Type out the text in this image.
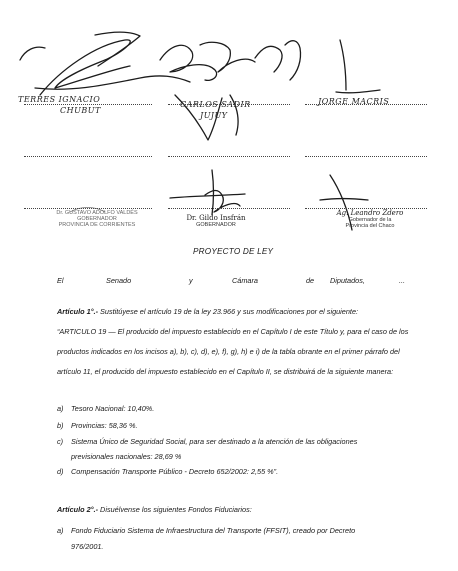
TERRES IGNACIO
CHUBUT
CARLOS SADIR
JUJUY
JORGE MACRIS
Dr. GUSTAVO ADOLFO VALDÉS
GOBERNADOR
PROVINCIA DE CORRIENTES
Dr. Gildo Insfrán
GOBERNADOR
Ag. Leandro Zdero
Gobernador de la
Provincia del Chaco
PROYECTO DE LEY
El	Senado	y	Cámara	de Diputados,	...
Artículo 1°.- Sustitúyese el artículo 19 de la ley 23.966 y sus modificaciones por el siguiente:
“ARTICULO 19 — El producido del impuesto establecido en el Capítulo I de este Título y, para el caso de los productos indicados en los incisos a), b), c), d), e), f), g), h) e i) de la tabla obrante en el primer párrafo del artículo 11, el producido del impuesto establecido en el Capítulo II, se distribuirá de la siguiente manera:
a) Tesoro Nacional: 10,40%.
b) Provincias: 58,36 %.
c) Sistema Único de Seguridad Social, para ser destinado a la atención de las obligaciones
previsionales nacionales: 28,69 %
d) Compensación Transporte Público - Decreto 652/2002: 2,55 %”.
Artículo 2°.- Disuélvense los siguientes Fondos Fiduciarios:
a) Fondo Fiduciario Sistema de Infraestructura del Transporte (FFSIT), creado por Decreto
976/2001.
